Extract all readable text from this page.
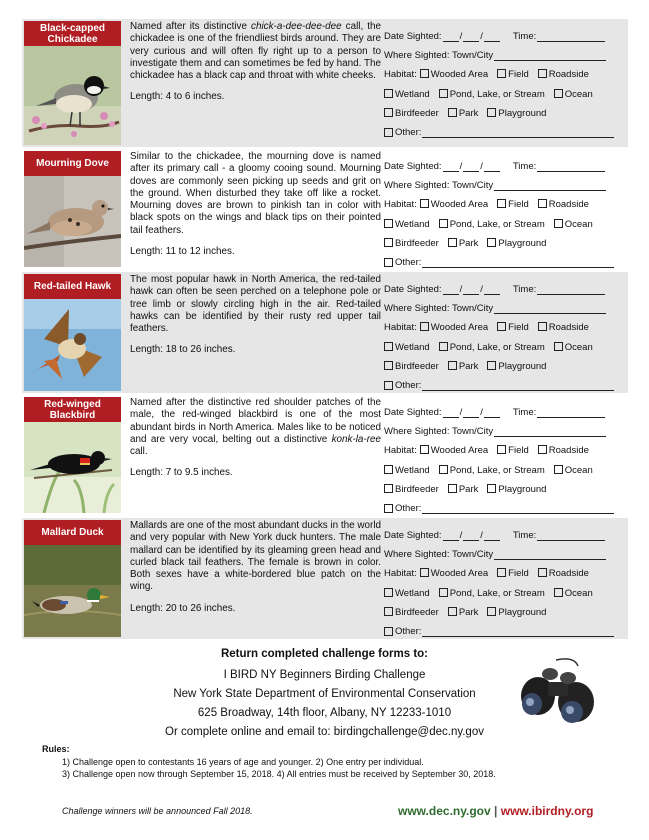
Black-capped Chickadee

Named after its distinctive chick-a-dee-dee-dee call, the chickadee is one of the friendliest birds around. They are very curious and will often fly right up to a person to investigate them and can sometimes be fed by hand. The chickadee has a black cap and throat with white cheeks.

Length: 4 to 6 inches.

Date Sighted: / /	Time:
Where Sighted: Town/City
Habitat:	Wooded Area	Field	Roadside
Wetland	Pond, Lake, or Stream	Ocean
Birdfeeder	Park	Playground
Other:
Mourning Dove

Similar to the chickadee, the mourning dove is named after its primary call - a gloomy cooing sound. Mourning doves are commonly seen picking up seeds and grit on the ground. When disturbed they take off like a rocket. Mourning doves are brown to pinkish tan in color with black spots on the wings and black tips on their pointed tail feathers.

Length: 11 to 12 inches.

Date Sighted: / /	Time:
Where Sighted: Town/City
Habitat:	Wooded Area	Field	Roadside
Wetland	Pond, Lake, or Stream	Ocean
Birdfeeder	Park	Playground
Other:
Red-tailed Hawk

The most popular hawk in North America, the red-tailed hawk can often be seen perched on a telephone pole or tree limb or slowly circling high in the air. Red-tailed hawks can be identified by their rusty red upper tail feathers.

Length: 18 to 26 inches.

Date Sighted: / /	Time:
Where Sighted: Town/City
Habitat:	Wooded Area	Field	Roadside
Wetland	Pond, Lake, or Stream	Ocean
Birdfeeder	Park	Playground
Other:
Red-winged Blackbird

Named after the distinctive red shoulder patches of the male, the red-winged blackbird is one of the most abundant birds in North America. Males like to be noticed and are very vocal, belting out a distinctive konk-la-ree call.

Length: 7 to 9.5 inches.

Date Sighted: / /	Time:
Where Sighted: Town/City
Habitat:	Wooded Area	Field	Roadside
Wetland	Pond, Lake, or Stream	Ocean
Birdfeeder	Park	Playground
Other:
Mallard Duck

Mallards are one of the most abundant ducks in the world and very popular with New York duck hunters. The male mallard can be identified by its gleaming green head and curled black tail feathers. The female is brown in color. Both sexes have a white-bordered blue patch on the wing.

Length: 20 to 26 inches.

Date Sighted: / /	Time:
Where Sighted: Town/City
Habitat:	Wooded Area	Field	Roadside
Wetland	Pond, Lake, or Stream	Ocean
Birdfeeder	Park	Playground
Other:
Return completed challenge forms to:
I BIRD NY Beginners Birding Challenge
New York State Department of Environmental Conservation
625 Broadway, 14th floor, Albany, NY 12233-1010
Or complete online and email to: birdingchallenge@dec.ny.gov
Rules:
1) Challenge open to contestants 16 years of age and younger. 2) One entry per individual.
3) Challenge open now through September 15, 2018. 4) All entries must be received by September 30, 2018.
Challenge winners will be announced Fall 2018.	www.dec.ny.gov | www.ibirdny.org
